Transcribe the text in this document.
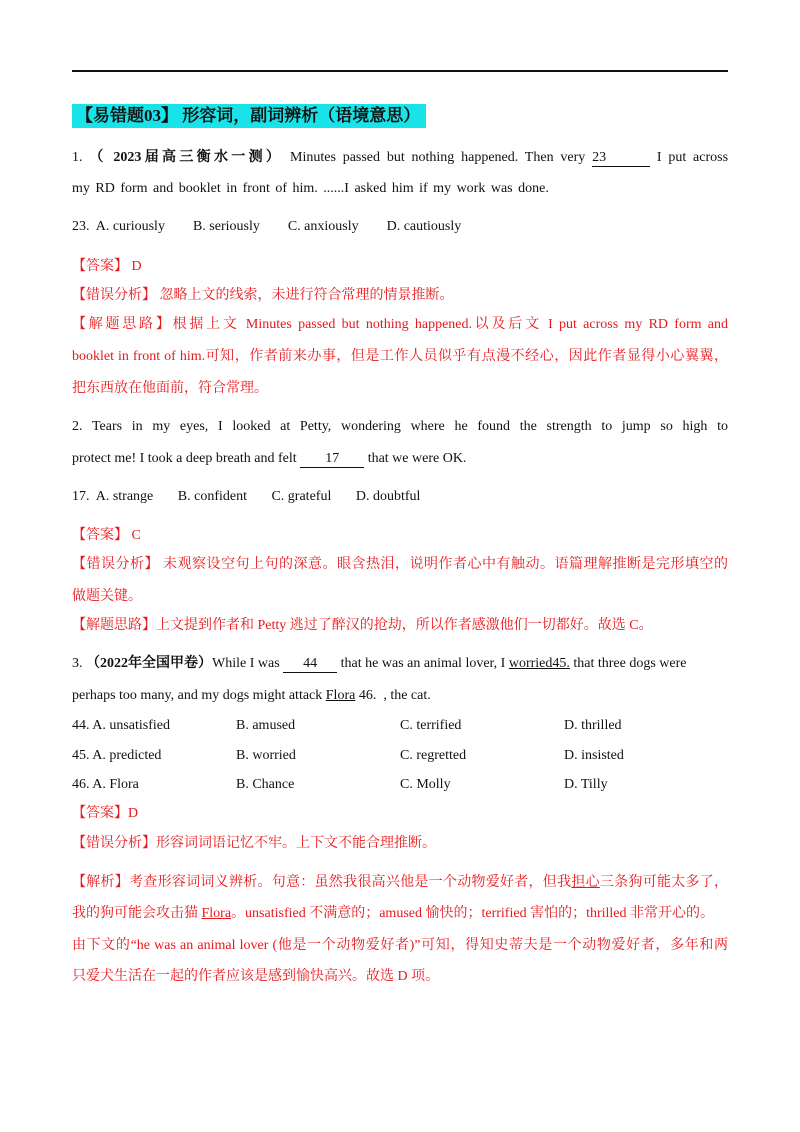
【易错题03】 形容词，副词辨析（语境意思）
1. （ 2023届高三衡水一测） Minutes passed but nothing happened. Then very 23	I put across
my RD form and booklet in front of him. ......I asked him if my work was done.
23.  A. curiously        B. seriously        C. anxiously        D. cautiously
【答案】 D
【错误分析】 忽略上文的线索，未进行符合常理的情景推断。
【解题思路】根据上文 Minutes passed but nothing happened.以及后文 I put across my RD form and
booklet in front of him.可知，作者前来办事，但是工作人员似乎有点漫不经心，因此作者显得小心翼翼，
把东西放在他面前，符合常理。
2. Tears in my eyes, I looked at Petty, wondering where he found the strength to jump so high to
protect me! I took a deep breath and felt 17 that we were OK.
17.  A. strange       B. confident       C. grateful       D. doubtful
【答案】 C
【错误分析】 未观察设空句上句的深意。眼含热泪，说明作者心中有触动。语篇理解推断是完形填空的
做题关键。
【解题思路】上文提到作者和 Petty 逃过了醉汉的抢劫，所以作者感激他们一切都好。故选 C。
3. （2022年全国甲卷）While I was 44 that he was an animal lover, I worried45. that three dogs were
perhaps too many, and my dogs might attack Flora 46.  , the cat.
44. A. unsatisfied	B. amused	C. terrified	D. thrilled
45. A. predicted	B. worried	C. regretted	D. insisted
46. A. Flora	B. Chance	C. Molly	D. Tilly
【答案】D
【错误分析】形容词词语记忆不牢。上下文不能合理推断。
【解析】考查形容词词义辨析。句意：虽然我很高兴他是一个动物爱好者，但我担心三条狗可能太多了，
我的狗可能会攻击猫 Flora。unsatisfied 不满意的；amused 愉快的；terrified 害怕的；thrilled 非常开心的。
由下文的“he was an animal lover (他是一个动物爱好者)”可知，得知史蒂夫是一个动物爱好者，多年和两
只爱犬生活在一起的作者应该是感到愉快高兴。故选 D 项。
